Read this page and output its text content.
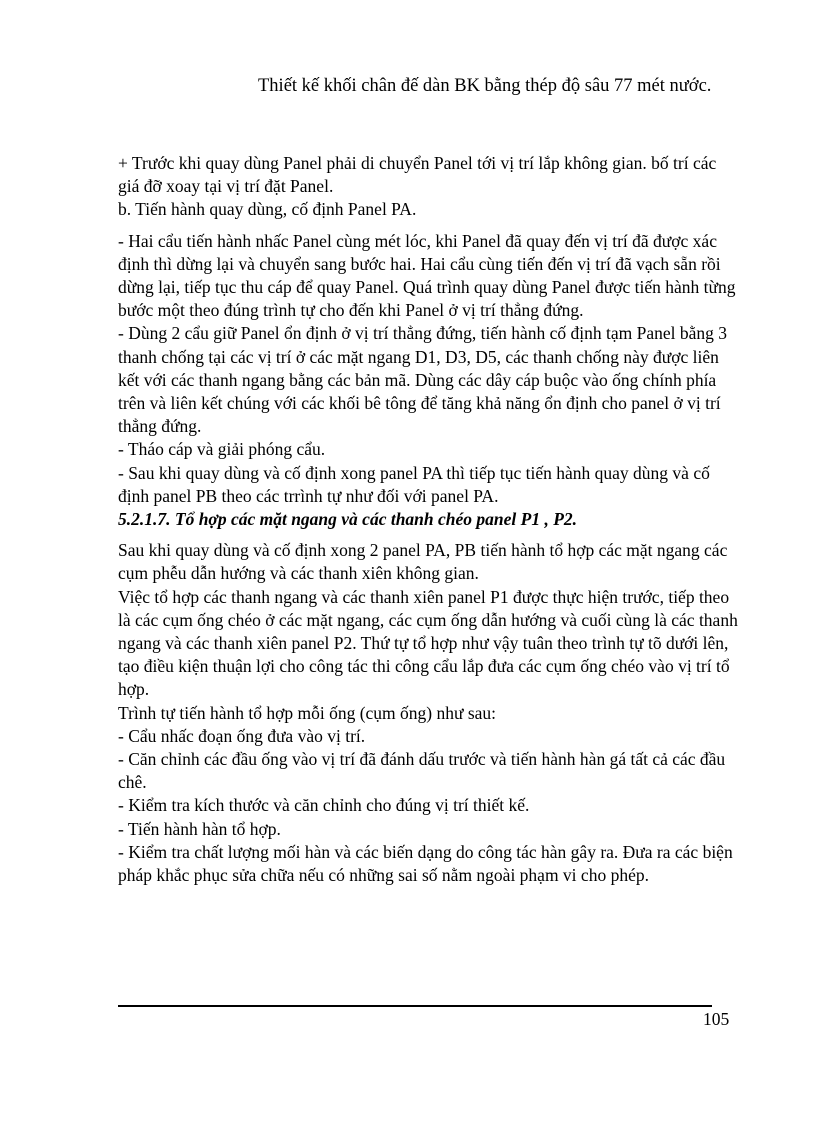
Thiết kế khối chân đế dàn BK bằng thép độ sâu 77 mét nước.

+ Trước khi quay dùng Panel phải di chuyển Panel tới vị trí lắp không gian. bố trí các giá đỡ xoay tại vị trí đặt Panel.

b. Tiến hành quay dùng, cố định Panel PA.

- Hai cẩu tiến hành nhấc Panel cùng mét lóc, khi Panel đã quay đến vị trí đã được xác định thì dừng lại và chuyển sang bước hai. Hai cẩu cùng tiến đến vị trí đã vạch sẵn rồi dừng lại, tiếp tục thu cáp để quay Panel. Quá trình quay dùng Panel được tiến hành từng bước một theo đúng trình tự cho đến khi Panel ở vị trí thẳng đứng.

- Dùng 2 cẩu giữ Panel ổn định ở vị trí thẳng đứng, tiến hành cố định tạm Panel bằng 3 thanh chống tại các vị trí ở các mặt ngang D1, D3, D5, các thanh chống này được liên kết với các thanh ngang bằng các bản mã. Dùng các dây cáp buộc vào ống chính phía trên và liên kết chúng với các khối bê tông để tăng khả năng ổn định cho panel ở vị trí thẳng đứng.

- Tháo cáp và giải phóng cẩu.

- Sau khi quay dùng và cố định xong panel PA thì tiếp tục tiến hành quay dùng và cố định panel PB theo các trrình tự như đối với panel PA.

5.2.1.7. Tổ hợp các mặt ngang và các thanh chéo panel P1 , P2.

Sau khi quay dùng và cố định xong 2 panel PA, PB tiến hành tổ hợp các mặt ngang các cụm phễu dẫn hướng và các thanh xiên không gian.

Việc tổ hợp các thanh ngang và các thanh xiên panel P1 được thực hiện trước, tiếp theo là các cụm ống chéo ở các mặt ngang, các cụm ống dẫn hướng và cuối cùng là các thanh ngang và các thanh xiên panel P2. Thứ tự tổ hợp như vậy tuân theo trình tự tõ dưới lên, tạo điều kiện thuận lợi cho công tác thi công cẩu lắp đưa các cụm ống chéo vào vị trí tổ hợp.

Trình tự tiến hành tổ hợp mỗi ống (cụm ống) như sau:

- Cẩu nhấc đoạn ống đưa vào vị trí.

- Căn chỉnh các đầu ống vào vị trí đã đánh dấu trước và tiến hành hàn gá tất cả các đầu chê.

- Kiểm tra kích thước và căn chỉnh cho đúng vị trí thiết kế.

- Tiến hành hàn tổ hợp.

- Kiểm tra chất lượng mối hàn và các biến dạng do công tác hàn gây ra. Đưa ra các biện pháp khắc phục sửa chữa nếu có những sai số nằm ngoài phạm vi cho phép.

105
